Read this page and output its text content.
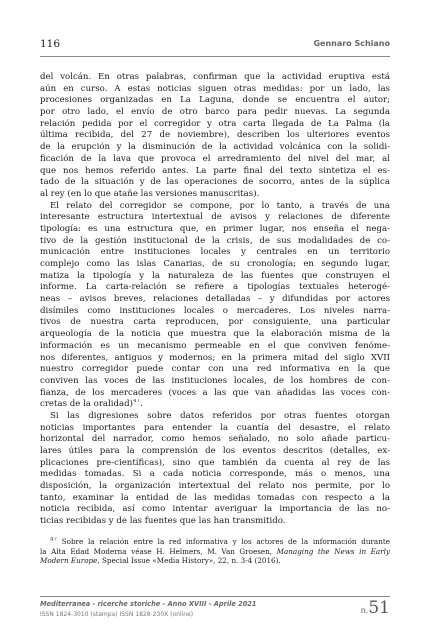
116	Gennaro Schiano
del volcán. En otras palabras, confirman que la actividad eruptiva está
aún en curso. A estas noticias siguen otras medidas: por un lado, las
procesiones organizadas en La Laguna, donde se encuentra el autor;
por otro lado, el envío de otro barco para pedir nuevas. La segunda
relación pedida por el corregidor y otra carta llegada de La Palma (la
última recibida, del 27 de noviembre), describen los ulteriores eventos
de la erupción y la disminución de la actividad volcánica con la solidi-
ficación de la lava que provoca el arredramiento del nivel del mar, al
que nos hemos referido antes. La parte final del texto sintetiza el es-
tado de la situación y de las operaciones de socorro, antes de la súplica
al rey (en lo que atañe las versiones manuscritas).
El relato del corregidor se compone, por lo tanto, a través de una
interesante estructura intertextual de avisos y relaciones de diferente
tipología: es una estructura que, en primer lugar, nos enseña el nega-
tivo de la gestión institucional de la crisis, de sus modalidades de co-
municación entre instituciones locales y centrales en un territorio
complejo como las islas Canarias, de su cronología; en segundo lugar,
matiza la tipología y la naturaleza de las fuentes que construyen el
informe. La carta-relación se refiere a tipologías textuales heterogé-
neas – avisos breves, relaciones detalladas – y difundidas por actores
disímiles como instituciones locales o mercaderes. Los niveles narra-
tivos de nuestra carta reproducen, por consiguiente, una particular
arqueología de la noticia que muestra que la elaboración misma de la
información es un mecanismo permeable en el que conviven fenóme-
nos diferentes, antiguos y modernos; en la primera mitad del siglo XVII
nuestro corregidor puede contar con una red informativa en la que
conviven las voces de las instituciones locales, de los hombres de con-
fianza, de los mercaderes (voces a las que van añadidas las voces con-
cretas de la oralidad)$^{47}$.
Si las digresiones sobre datos referidos por otras fuentes otorgan
noticias importantes para entender la cuantía del desastre, el relato
horizontal del narrador, como hemos señalado, no solo añade particu-
lares útiles para la comprensión de los eventos descritos (detalles, ex-
plicaciones pre-científicas), sino que también da cuenta al rey de las
medidas tomadas. Si a cada noticia corresponde, más o menos, una
disposición, la organización intertextual del relato nos permite, por lo
tanto, examinar la entidad de las medidas tomadas con respecto a la
noticia recibida, así como intentar averiguar la importancia de las no-
ticias recibidas y de las fuentes que las han transmitido.
$^{47}$ Sobre la relación entre la red informativa y los actores de la información durante
la Alta Edad Moderna véase H. Helmers, M. Van Groesen, Managing the News in Early
Modern Europe, Special Issue «Media History», 22, n. 3-4 (2016).
Mediterranea - ricerche storiche - Anno XVIII - Aprile 2021
ISSN 1824-3010 (stampa) ISSN 1828-230X (online)	n.51
